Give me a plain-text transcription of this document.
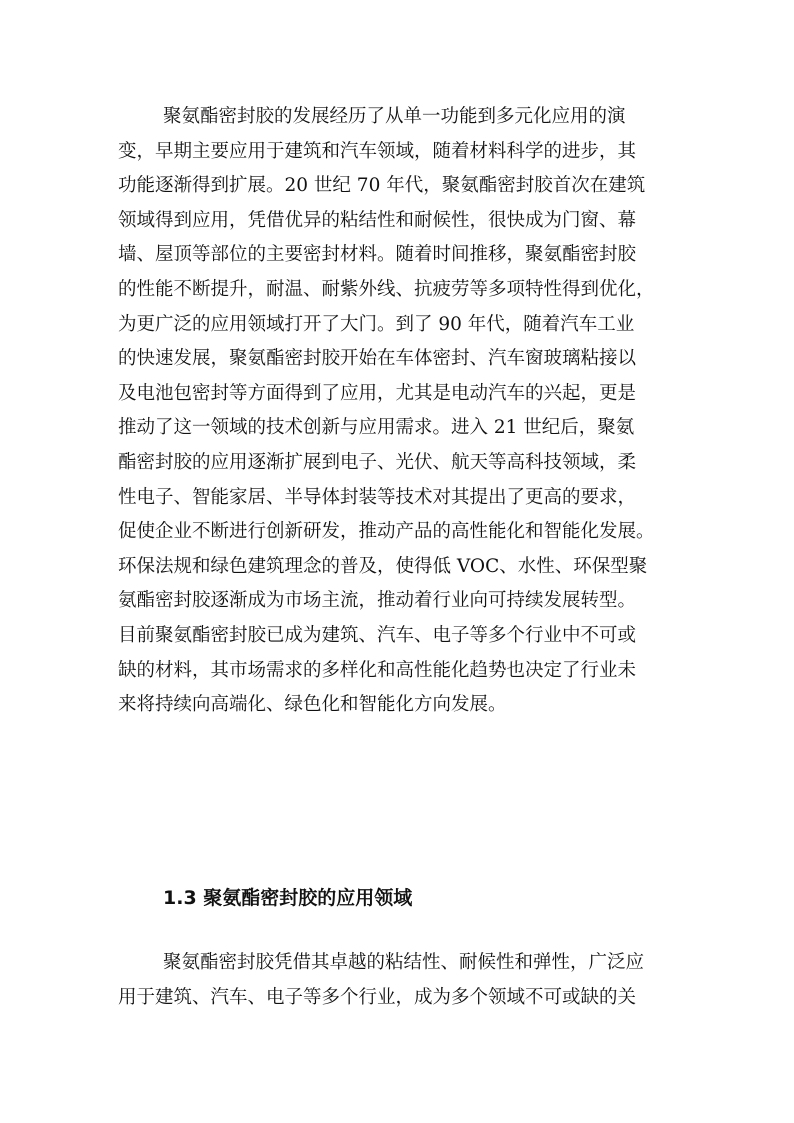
聚氨酯密封胶的发展经历了从单一功能到多元化应用的演
变，早期主要应用于建筑和汽车领域，随着材料科学的进步，其
功能逐渐得到扩展。20 世纪 70 年代，聚氨酯密封胶首次在建筑
领域得到应用，凭借优异的粘结性和耐候性，很快成为门窗、幕
墙、屋顶等部位的主要密封材料。随着时间推移，聚氨酯密封胶
的性能不断提升，耐温、耐紫外线、抗疲劳等多项特性得到优化，
为更广泛的应用领域打开了大门。到了 90 年代，随着汽车工业
的快速发展，聚氨酯密封胶开始在车体密封、汽车窗玻璃粘接以
及电池包密封等方面得到了应用，尤其是电动汽车的兴起，更是
推动了这一领域的技术创新与应用需求。进入 21 世纪后，聚氨
酯密封胶的应用逐渐扩展到电子、光伏、航天等高科技领域，柔
性电子、智能家居、半导体封装等技术对其提出了更高的要求，
促使企业不断进行创新研发，推动产品的高性能化和智能化发展。
环保法规和绿色建筑理念的普及，使得低 VOC、水性、环保型聚
氨酯密封胶逐渐成为市场主流，推动着行业向可持续发展转型。
目前聚氨酯密封胶已成为建筑、汽车、电子等多个行业中不可或
缺的材料，其市场需求的多样化和高性能化趋势也决定了行业未
来将持续向高端化、绿色化和智能化方向发展。
1.3 聚氨酯密封胶的应用领域
聚氨酯密封胶凭借其卓越的粘结性、耐候性和弹性，广泛应
用于建筑、汽车、电子等多个行业，成为多个领域不可或缺的关
